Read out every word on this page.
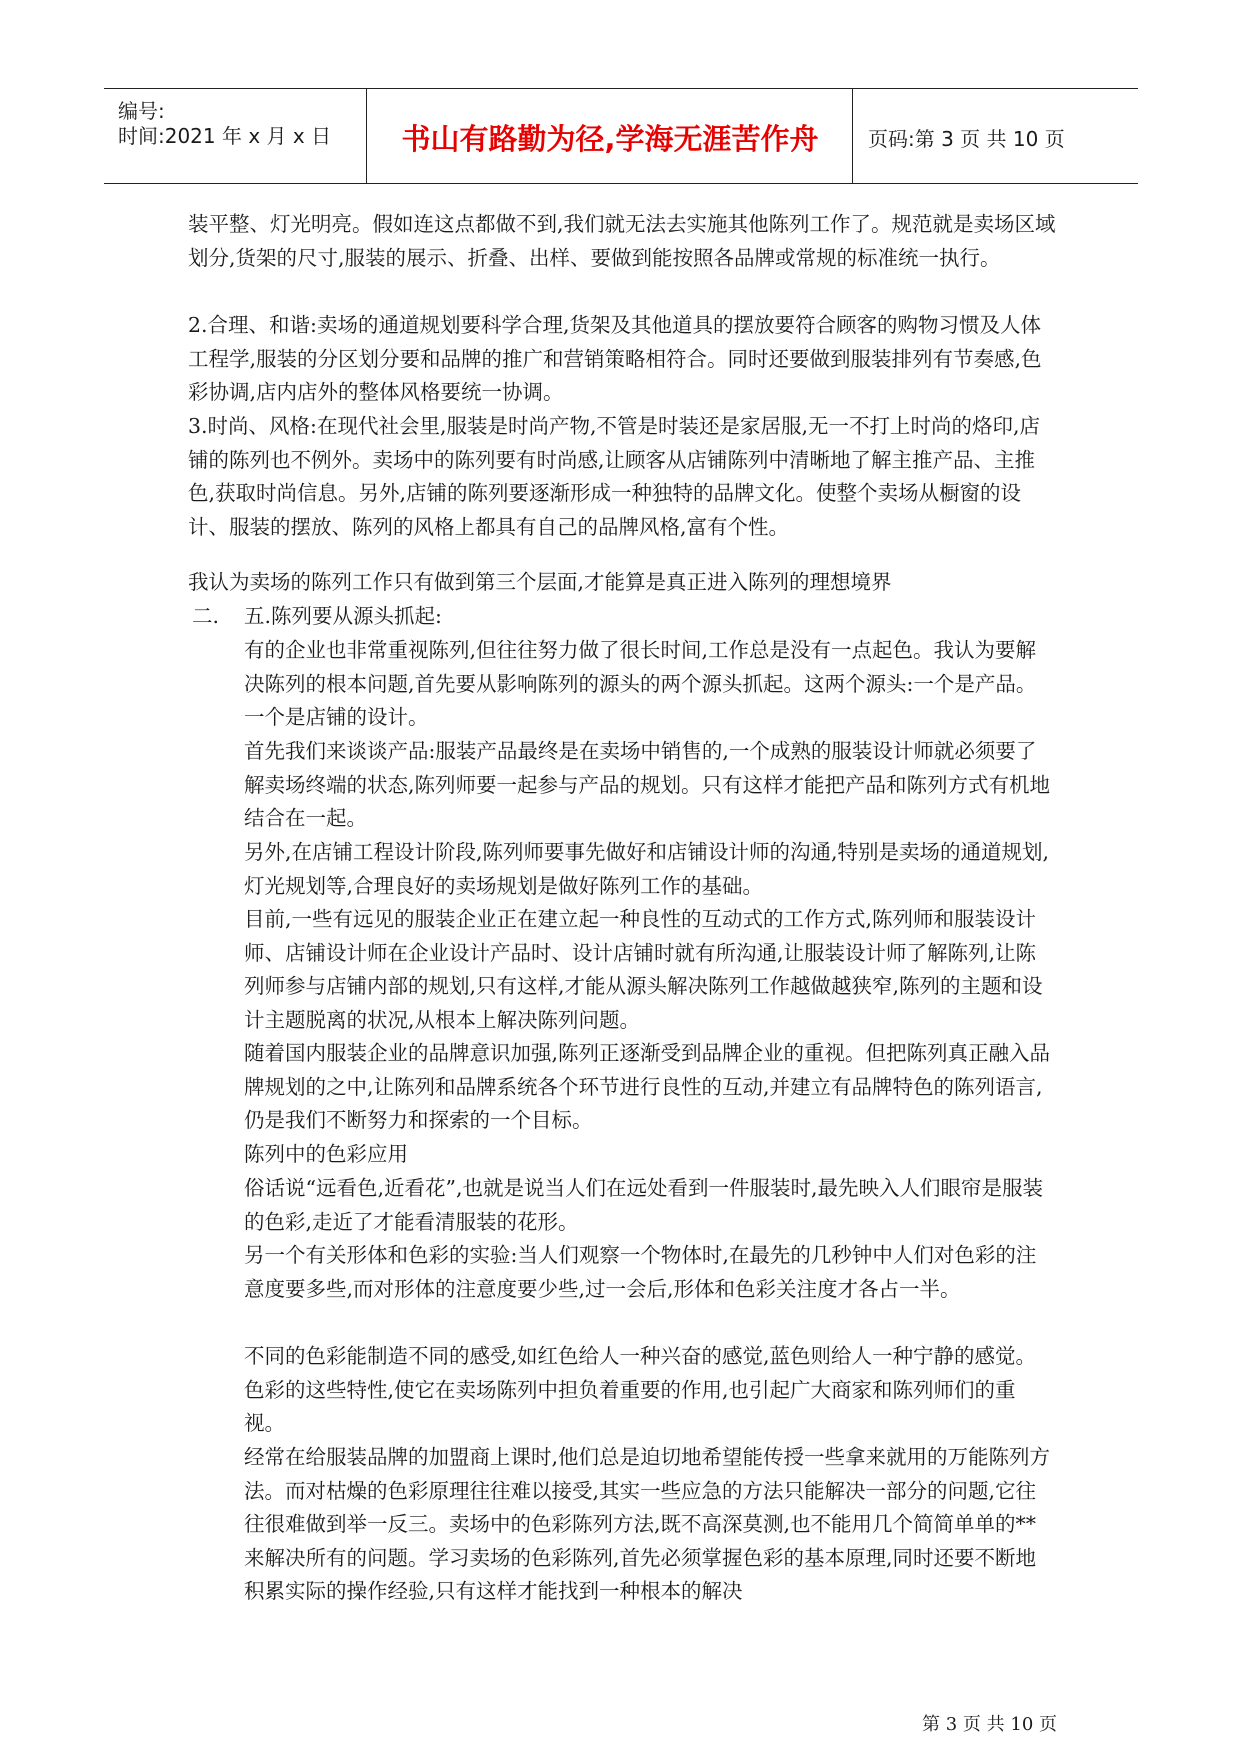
编号:
时间:2021 年 x 月 x 日	书山有路勤为径,学海无涯苦作舟	页码:第 3 页 共 10 页

装平整、灯光明亮。假如连这点都做不到,我们就无法去实施其他陈列工作了。规范就是卖场区域划分,货架的尺寸,服装的展示、折叠、出样、要做到能按照各品牌或常规的标准统一执行。

2.合理、和谐:卖场的通道规划要科学合理,货架及其他道具的摆放要符合顾客的购物习惯及人体工程学,服装的分区划分要和品牌的推广和营销策略相符合。同时还要做到服装排列有节奏感,色彩协调,店内店外的整体风格要统一协调。

3.时尚、风格:在现代社会里,服装是时尚产物,不管是时装还是家居服,无一不打上时尚的烙印,店铺的陈列也不例外。卖场中的陈列要有时尚感,让顾客从店铺陈列中清晰地了解主推产品、主推色,获取时尚信息。另外,店铺的陈列要逐渐形成一种独特的品牌文化。使整个卖场从橱窗的设计、服装的摆放、陈列的风格上都具有自己的品牌风格,富有个性。

我认为卖场的陈列工作只有做到第三个层面,才能算是真正进入陈列的理想境界

二. 五.陈列要从源头抓起:

有的企业也非常重视陈列,但往往努力做了很长时间,工作总是没有一点起色。我认为要解决陈列的根本问题,首先要从影响陈列的源头的两个源头抓起。这两个源头:一个是产品。一个是店铺的设计。

首先我们来谈谈产品:服装产品最终是在卖场中销售的,一个成熟的服装设计师就必须要了解卖场终端的状态,陈列师要一起参与产品的规划。只有这样才能把产品和陈列方式有机地结合在一起。

另外,在店铺工程设计阶段,陈列师要事先做好和店铺设计师的沟通,特别是卖场的通道规划,灯光规划等,合理良好的卖场规划是做好陈列工作的基础。

目前,一些有远见的服装企业正在建立起一种良性的互动式的工作方式,陈列师和服装设计师、店铺设计师在企业设计产品时、设计店铺时就有所沟通,让服装设计师了解陈列,让陈列师参与店铺内部的规划,只有这样,才能从源头解决陈列工作越做越狭窄,陈列的主题和设计主题脱离的状况,从根本上解决陈列问题。

随着国内服装企业的品牌意识加强,陈列正逐渐受到品牌企业的重视。但把陈列真正融入品牌规划的之中,让陈列和品牌系统各个环节进行良性的互动,并建立有品牌特色的陈列语言,仍是我们不断努力和探索的一个目标。

陈列中的色彩应用

俗话说“远看色,近看花”,也就是说当人们在远处看到一件服装时,最先映入人们眼帘是服装的色彩,走近了才能看清服装的花形。

另一个有关形体和色彩的实验:当人们观察一个物体时,在最先的几秒钟中人们对色彩的注意度要多些,而对形体的注意度要少些,过一会后,形体和色彩关注度才各占一半。

不同的色彩能制造不同的感受,如红色给人一种兴奋的感觉,蓝色则给人一种宁静的感觉。色彩的这些特性,使它在卖场陈列中担负着重要的作用,也引起广大商家和陈列师们的重视。

经常在给服装品牌的加盟商上课时,他们总是迫切地希望能传授一些拿来就用的万能陈列方法。而对枯燥的色彩原理往往难以接受,其实一些应急的方法只能解决一部分的问题,它往往很难做到举一反三。卖场中的色彩陈列方法,既不高深莫测,也不能用几个简简单单的**来解决所有的问题。学习卖场的色彩陈列,首先必须掌握色彩的基本原理,同时还要不断地积累实际的操作经验,只有这样才能找到一种根本的解决

第 3 页 共 10 页
